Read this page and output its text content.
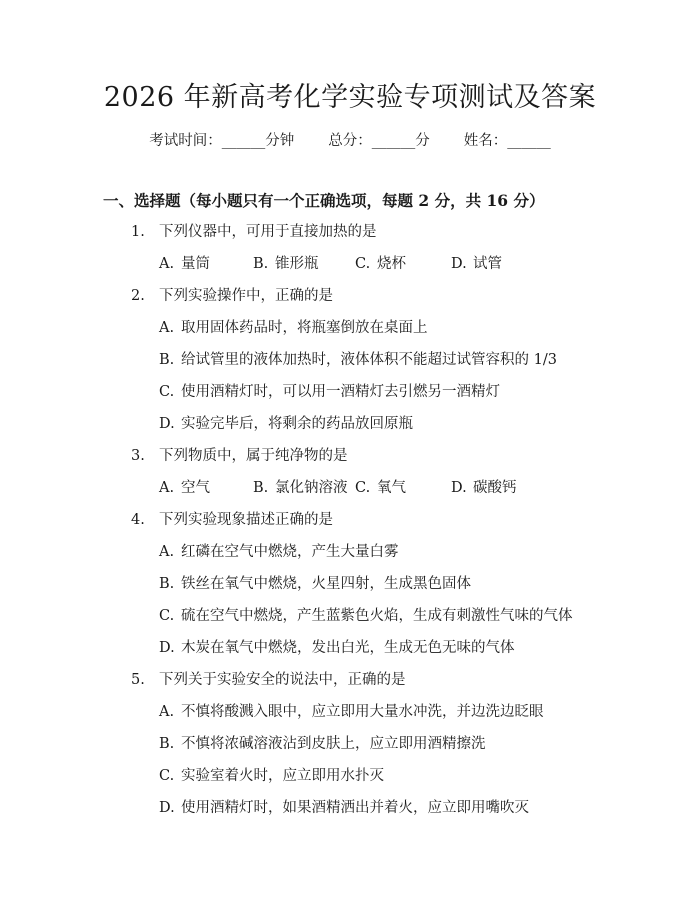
2026 年新高考化学实验专项测试及答案
考试时间：______分钟 总分：______分 姓名：______
一、选择题（每小题只有一个正确选项，每题 2 分，共 16 分）
1. 下列仪器中，可用于直接加热的是
A. 量筒	B. 锥形瓶	C. 烧杯	D. 试管
2. 下列实验操作中，正确的是
A. 取用固体药品时，将瓶塞倒放在桌面上
B. 给试管里的液体加热时，液体体积不能超过试管容积的 1/3
C. 使用酒精灯时，可以用一酒精灯去引燃另一酒精灯
D. 实验完毕后，将剩余的药品放回原瓶
3. 下列物质中，属于纯净物的是
A. 空气	B. 氯化钠溶液 C. 氧气	D. 碳酸钙
4. 下列实验现象描述正确的是
A. 红磷在空气中燃烧，产生大量白雾
B. 铁丝在氧气中燃烧，火星四射，生成黑色固体
C. 硫在空气中燃烧，产生蓝紫色火焰，生成有刺激性气味的气体
D. 木炭在氧气中燃烧，发出白光，生成无色无味的气体
5. 下列关于实验安全的说法中，正确的是
A. 不慎将酸溅入眼中，应立即用大量水冲洗，并边洗边眨眼
B. 不慎将浓碱溶液沾到皮肤上，应立即用酒精擦洗
C. 实验室着火时，应立即用水扑灭
D. 使用酒精灯时，如果酒精洒出并着火，应立即用嘴吹灭
